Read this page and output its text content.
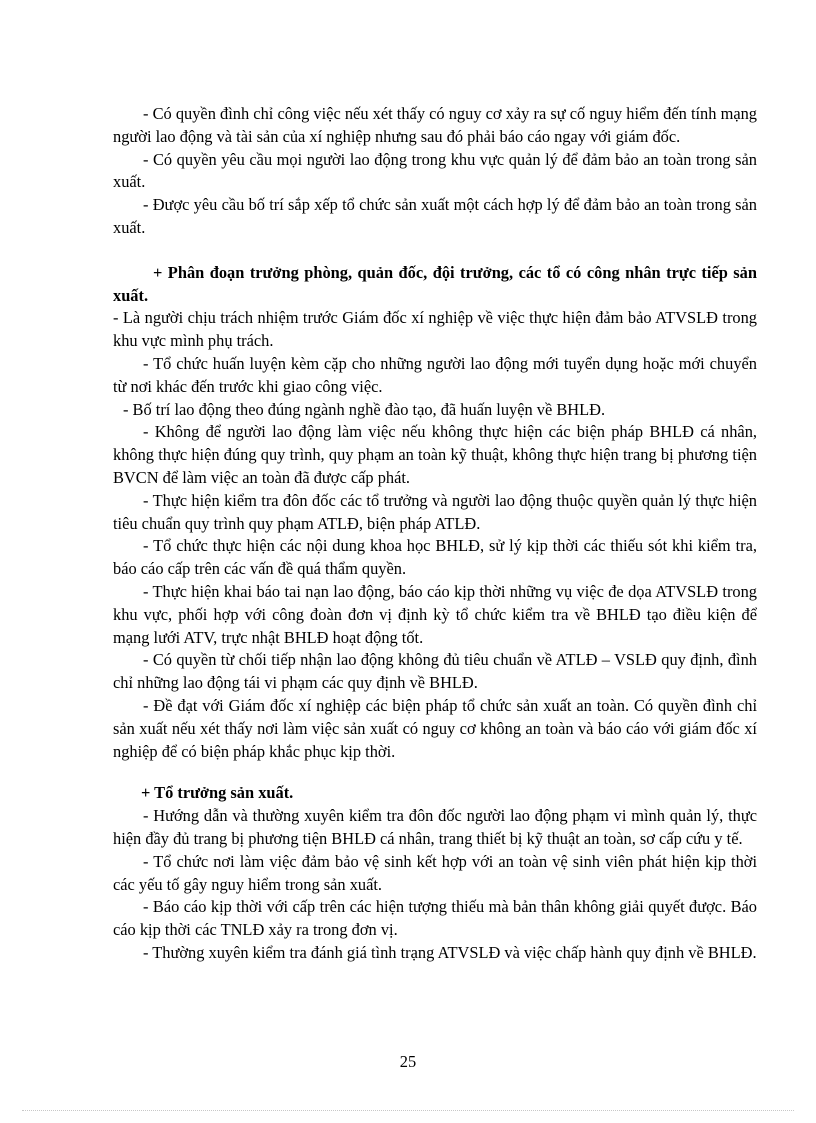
- Có quyền đình chỉ công việc nếu xét thấy có nguy cơ xảy ra sự cố nguy hiểm đến tính mạng người lao động và tài sản của xí nghiệp nhưng sau đó phải báo cáo ngay với giám đốc.

- Có quyền yêu cầu mọi người lao động trong khu vực quản lý để đảm bảo an toàn trong sản xuất.

- Được yêu cầu bố trí sắp xếp tổ chức sản xuất một cách hợp lý để đảm bảo an toàn trong sản xuất.

+ Phân đoạn trưởng phòng, quản đốc, đội trưởng, các tổ có công nhân trực tiếp sản xuất.

- Là người chịu trách nhiệm trước Giám đốc xí nghiệp về việc thực hiện đảm bảo ATVSLĐ trong khu vực mình phụ trách.

- Tổ chức huấn luyện kèm cặp cho những người lao động mới tuyển dụng hoặc mới chuyển từ nơi khác đến trước khi giao công việc.

- Bố trí lao động theo đúng ngành nghề đào tạo, đã huấn luyện về BHLĐ.

- Không để người lao động làm việc nếu không thực hiện các biện pháp BHLĐ cá nhân, không thực hiện đúng quy trình, quy phạm an toàn kỹ thuật, không thực hiện trang bị phương tiện BVCN để làm việc an toàn đã được cấp phát.

- Thực hiện kiểm tra đôn đốc các tổ trưởng và người lao động thuộc quyền quản lý thực hiện tiêu chuẩn quy trình quy phạm ATLĐ, biện pháp ATLĐ.

- Tổ chức thực hiện các nội dung khoa học BHLĐ, sử lý kịp thời các thiếu sót khi kiểm tra, báo cáo cấp trên các vấn đề quá thẩm quyền.

- Thực hiện khai báo tai nạn lao động, báo cáo kịp thời những vụ việc đe dọa ATVSLĐ trong khu vực, phối hợp với công đoàn đơn vị định kỳ tổ chức kiểm tra về BHLĐ tạo điều kiện để mạng lưới ATV, trực nhật BHLĐ hoạt động tốt.

- Có quyền từ chối tiếp nhận lao động không đủ tiêu chuẩn về ATLĐ – VSLĐ quy định, đình chỉ những lao động tái vi phạm các quy định về BHLĐ.

- Đề đạt với Giám đốc xí nghiệp các biện pháp tổ chức sản xuất an toàn. Có quyền đình chỉ sản xuất nếu xét thấy nơi làm việc sản xuất có nguy cơ không an toàn và báo cáo với giám đốc xí nghiệp để có biện pháp khắc phục kịp thời.

+ Tổ trưởng sản xuất.

- Hướng dẫn và thường xuyên kiểm tra đôn đốc người lao động phạm vi mình quản lý, thực hiện đầy đủ trang bị phương tiện BHLĐ cá nhân, trang thiết bị kỹ thuật an toàn, sơ cấp cứu y tế.

- Tổ chức nơi làm việc đảm bảo vệ sinh kết hợp với an toàn vệ sinh viên phát hiện kịp thời các yếu tố gây nguy hiểm trong sản xuất.

- Báo cáo kịp thời với cấp trên các hiện tượng thiếu mà bản thân không giải quyết được. Báo cáo kịp thời các TNLĐ xảy ra trong đơn vị.

- Thường xuyên kiểm tra đánh giá tình trạng ATVSLĐ và việc chấp hành quy định về BHLĐ.

25
